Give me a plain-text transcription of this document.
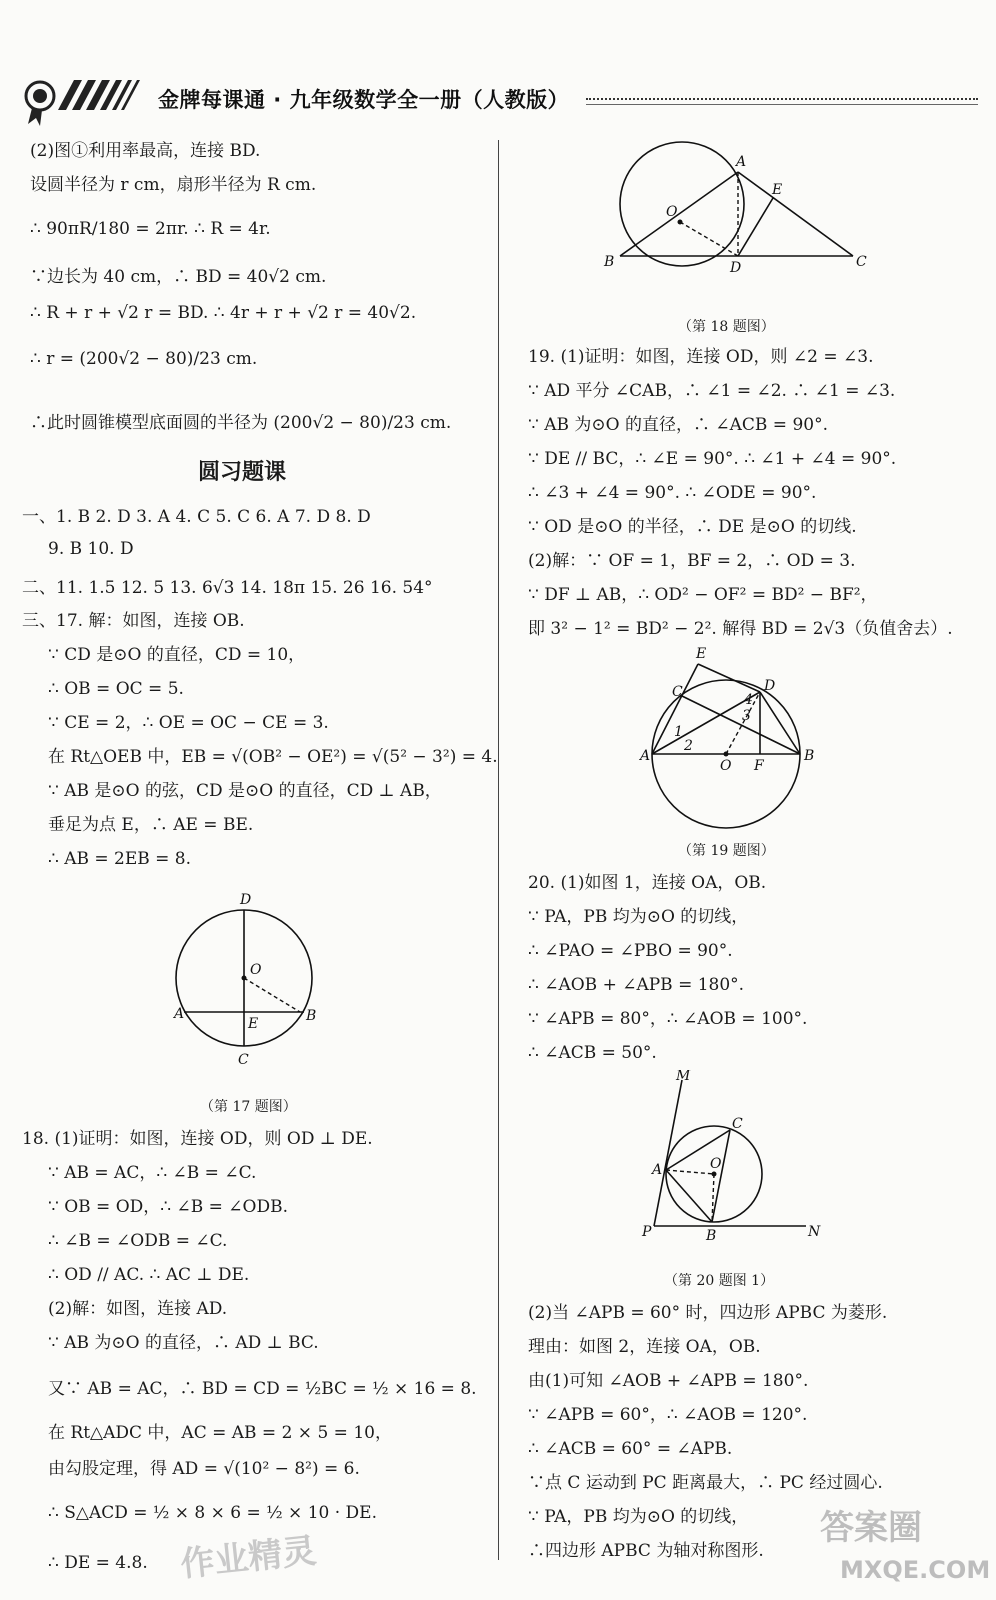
金牌每课通 · 九年级数学全一册（人教版）
(2)图①利用率最高，连接 BD.
设圆半径为 r cm，扇形半径为 R cm.
∴ 90πR/180 = 2πr. ∴ R = 4r.
∵边长为 40 cm，∴ BD = 40√2 cm.
∴ R + r + √2 r = BD. ∴ 4r + r + √2 r = 40√2.
∴ r = (200√2 − 80)/23 cm.
∴此时圆锥模型底面圆的半径为 (200√2 − 80)/23 cm.
圆习题课
一、1. B 2. D 3. A 4. C 5. C 6. A 7. D 8. D
9. B 10. D
二、11. 1.5 12. 5 13. 6√3 14. 18π 15. 26 16. 54°
三、17. 解：如图，连接 OB.
∵ CD 是⊙O 的直径，CD = 10，
∴ OB = OC = 5.
∵ CE = 2，∴ OE = OC − CE = 3.
在 Rt△OEB 中，EB = √(OB² − OE²) = √(5² − 3²) = 4.
∵ AB 是⊙O 的弦，CD 是⊙O 的直径，CD ⊥ AB，
垂足为点 E，∴ AE = BE.
∴ AB = 2EB = 8.
D
O
A
E	B
C
（第 17 题图）
18. (1)证明：如图，连接 OD，则 OD ⊥ DE.
∵ AB = AC，∴ ∠B = ∠C.
∵ OB = OD，∴ ∠B = ∠ODB.
∴ ∠B = ∠ODB = ∠C.
∴ OD // AC. ∴ AC ⊥ DE.
(2)解：如图，连接 AD.
∵ AB 为⊙O 的直径，∴ AD ⊥ BC.
又∵ AB = AC，∴ BD = CD = ½BC = ½ × 16 = 8.
在 Rt△ADC 中，AC = AB = 2 × 5 = 10，
由勾股定理，得 AD = √(10² − 8²) = 6.
∴ S△ACD = ½ × 8 × 6 = ½ × 10 · DE.
∴ DE = 4.8.
A
E
O
B	D	C
（第 18 题图）
19. (1)证明：如图，连接 OD，则 ∠2 = ∠3.
∵ AD 平分 ∠CAB，∴ ∠1 = ∠2. ∴ ∠1 = ∠3.
∵ AB 为⊙O 的直径，∴ ∠ACB = 90°.
∵ DE // BC，∴ ∠E = 90°. ∴ ∠1 + ∠4 = 90°.
∴ ∠3 + ∠4 = 90°. ∴ ∠ODE = 90°.
∵ OD 是⊙O 的半径，∴ DE 是⊙O 的切线.
(2)解：∵ OF = 1，BF = 2，∴ OD = 3.
∵ DF ⊥ AB，∴ OD² − OF² = BD² − BF²，
即 3² − 1² = BD² − 2². 解得 BD = 2√3（负值舍去）.
E
C	D
4
3
1
2
A
O F
B
（第 19 题图）
20. (1)如图 1，连接 OA，OB.
∵ PA，PB 均为⊙O 的切线，
∴ ∠PAO = ∠PBO = 90°.
∴ ∠AOB + ∠APB = 180°.
∵ ∠APB = 80°，∴ ∠AOB = 100°.
∴ ∠ACB = 50°.
M
C
A	O
P	B	N
（第 20 题图 1）
(2)当 ∠APB = 60° 时，四边形 APBC 为菱形.
理由：如图 2，连接 OA，OB.
由(1)可知 ∠AOB + ∠APB = 180°.
∵ ∠APB = 60°，∴ ∠AOB = 120°.
∴ ∠ACB = 60° = ∠APB.
∵点 C 运动到 PC 距离最大，∴ PC 经过圆心.
∵ PA，PB 均为⊙O 的切线，
∴四边形 APBC 为轴对称图形.
作业精灵
答案圈
MXQE.COM
